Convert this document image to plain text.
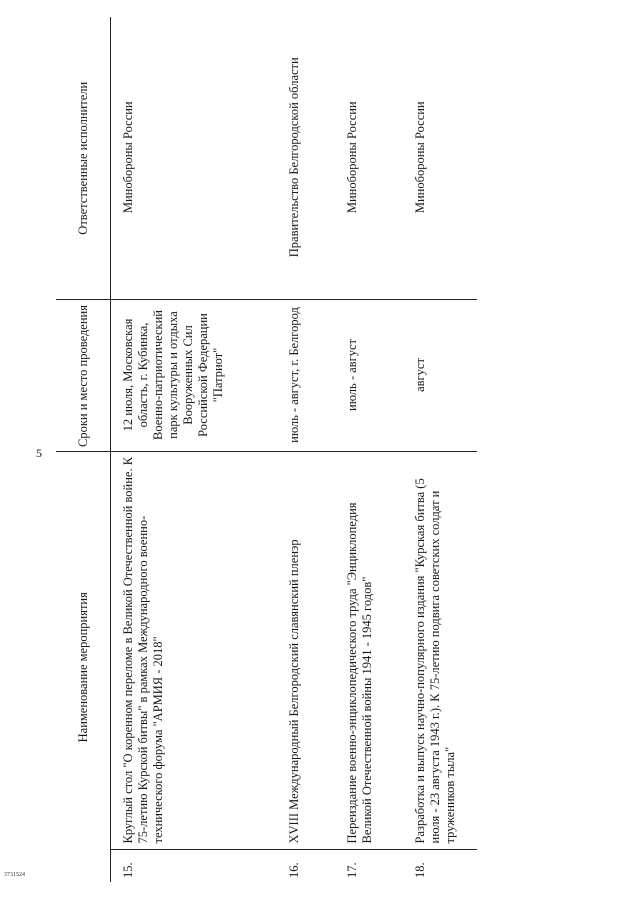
5
3731524
Наименование мероприятия		Сроки и место проведения	Ответственные исполнители

15.	Круглый стол "О коренном переломе в Великой Отечественной войне. К 75-летию Курской битвы" в рамках Международного военно-технического форума "АРМИЯ - 2018"	12 июля, Московская область, г. Кубинка, Военно-патриотический парк культуры и отдыха Вооруженных Сил Российской Федерации "Патриот"	Минобороны России
16.	XVIII Международный Белгородский славянский пленэр	июль - август, г. Белгород	Правительство Белгородской области
17.	Переиздание военно-энциклопедического труда "Энциклопедия Великой Отечественной войны 1941 - 1945 годов"	июль - август	Минобороны России
18.	Разработка и выпуск научно-популярного издания "Курская битва (5 июля - 23 августа 1943 г.). К 75-летию подвига советских солдат и тружеников тыла"	август	Минобороны России
